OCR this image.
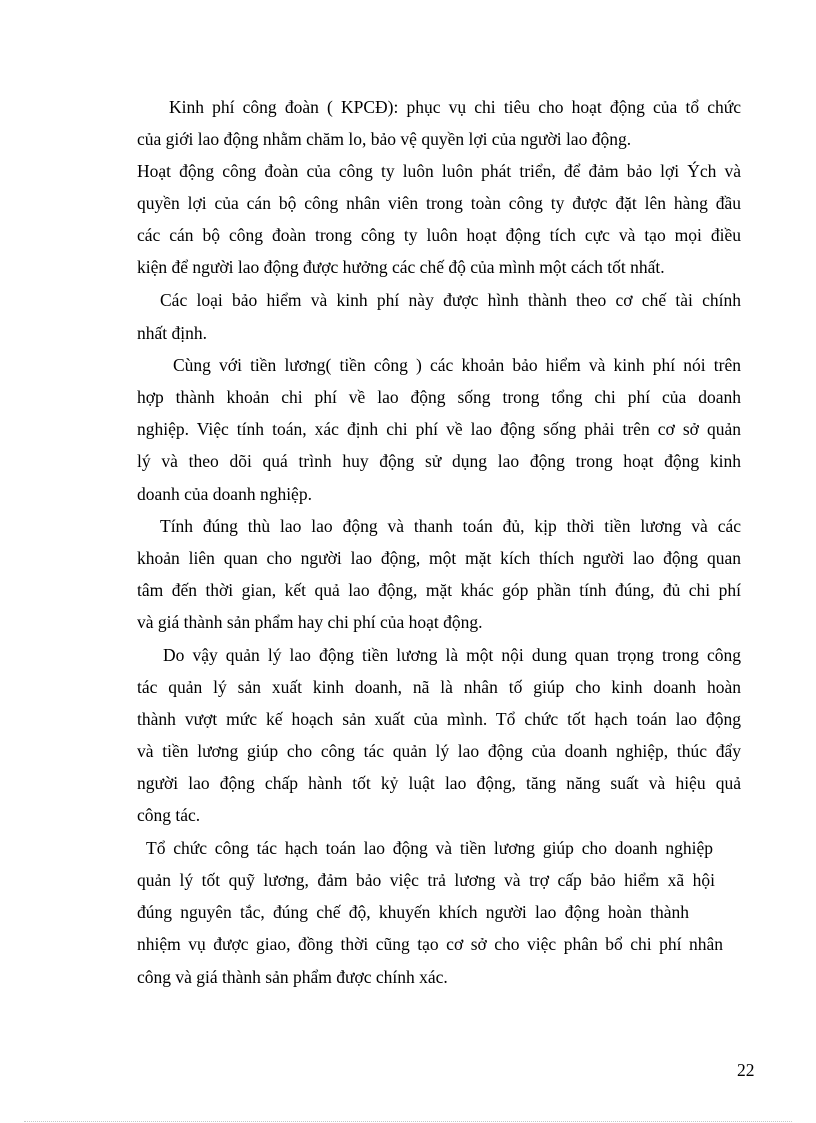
Kinh phí công đoàn ( KPCĐ): phục vụ chi tiêu cho hoạt động của tổ chức

của giới lao động nhằm chăm lo, bảo vệ quyền lợi của người lao động.

Hoạt động công đoàn của công ty luôn luôn phát triển, để đảm bảo lợi Ých và

quyền lợi của cán bộ công nhân viên trong toàn công ty được đặt lên hàng đầu

các cán bộ công đoàn trong công ty luôn hoạt động tích cực và tạo mọi điều

kiện để người lao động được hưởng các chế độ của mình một cách tốt nhất.

Các loại bảo hiểm và kinh phí này được hình thành theo cơ chế tài chính

nhất định.

Cùng với tiền lương( tiền công ) các khoản bảo hiểm và kinh phí nói trên

hợp thành khoản chi phí về lao động sống trong tổng chi phí của doanh

nghiệp. Việc tính toán, xác định chi phí về lao động sống phải trên cơ sở quản

lý và theo dõi quá trình huy động sử dụng lao động trong hoạt động kinh

doanh của doanh nghiệp.

Tính đúng thù lao lao động và thanh toán đủ, kịp thời tiền lương và các

khoản liên quan cho người lao động, một mặt kích thích người lao động quan

tâm đến thời gian, kết quả lao động, mặt khác góp phần tính đúng, đủ chi phí

và giá thành sản phẩm hay chi phí của hoạt động.

Do vậy quản lý lao động tiền lương là một nội dung quan trọng trong công

tác quản lý sản xuất kinh doanh, nã là nhân tố giúp cho kinh doanh hoàn

thành vượt mức kế hoạch sản xuất của mình. Tổ chức tốt hạch toán lao động

và tiền lương giúp cho công tác quản lý lao động của doanh nghiệp, thúc đẩy

người lao động chấp hành tốt kỷ luật lao động, tăng năng suất và hiệu quả

công tác.

Tổ chức công tác hạch toán lao động và tiền lương giúp cho doanh nghiệp

quản lý tốt quỹ lương, đảm bảo việc trả lương và trợ cấp bảo hiểm xã hội

đúng nguyên tắc, đúng chế độ, khuyến khích người lao động hoàn thành

nhiệm vụ được giao, đồng thời cũng tạo cơ sở cho việc phân bổ chi phí nhân

công và giá thành sản phẩm được chính xác.

22
